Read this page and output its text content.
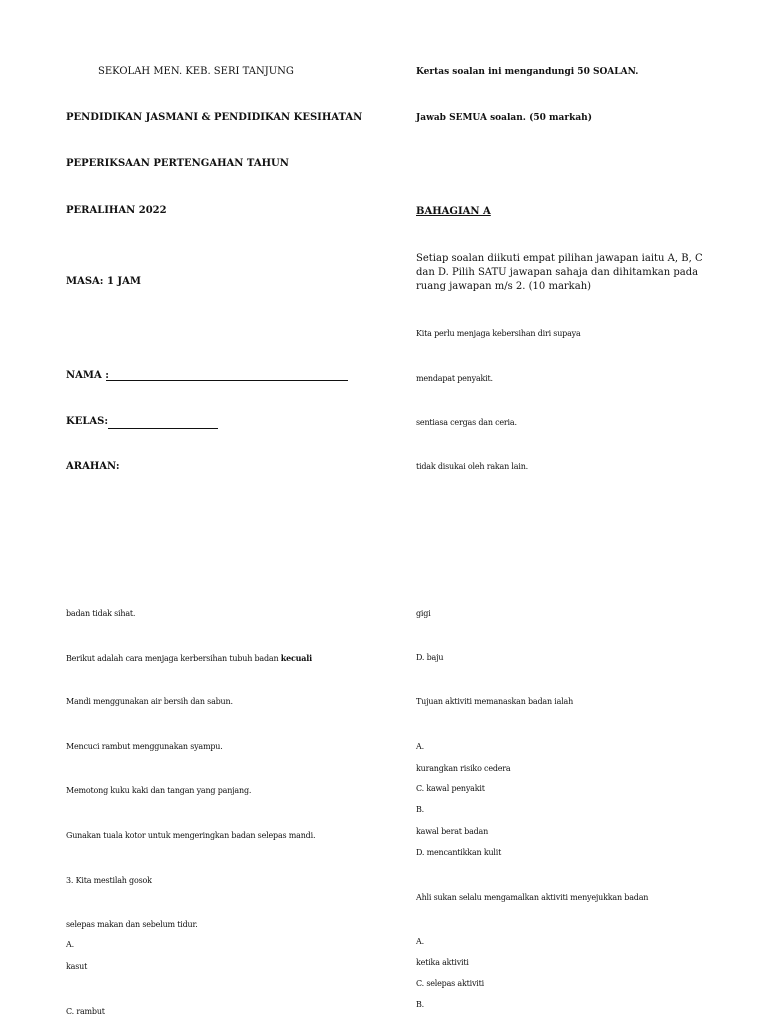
SEKOLAH MEN. KEB. SERI TANJUNG
PENDIDIKAN JASMANI & PENDIDIKAN KESIHATAN
PEPERIKSAAN PERTENGAHAN TAHUN
PERALIHAN 2022
MASA: 1 JAM
NAMA :
KELAS:
ARAHAN:
Kertas soalan ini mengandungi 50 SOALAN.
Jawab SEMUA soalan. (50 markah)
BAHAGIAN A
Setiap soalan diikuti empat pilihan jawapan iaitu A, B, C dan D. Pilih SATU jawapan sahaja dan dihitamkan pada ruang jawapan m/s 2. (10 markah)
Kita perlu menjaga kebersihan diri supaya
mendapat penyakit.
sentiasa cergas dan ceria.
tidak disukai oleh rakan lain.
badan tidak sihat.
Berikut adalah cara menjaga kerbersihan tubuh badan kecuali
Mandi menggunakan air bersih dan sabun.
Mencuci rambut menggunakan syampu.
Memotong kuku kaki dan tangan yang panjang.
Gunakan tuala kotor untuk mengeringkan badan selepas mandi.
3. Kita mestilah gosok
selepas makan dan sebelum tidur.
A.
kasut
C. rambut
gigi
D. baju
Tujuan aktiviti memanaskan badan ialah
A.
kurangkan risiko cedera
C. kawal penyakit
B.
kawal berat badan
D. mencantikkan kulit
Ahli sukan selalu mengamalkan aktiviti menyejukkan badan
A.
ketika aktiviti
C. selepas aktiviti
B.
